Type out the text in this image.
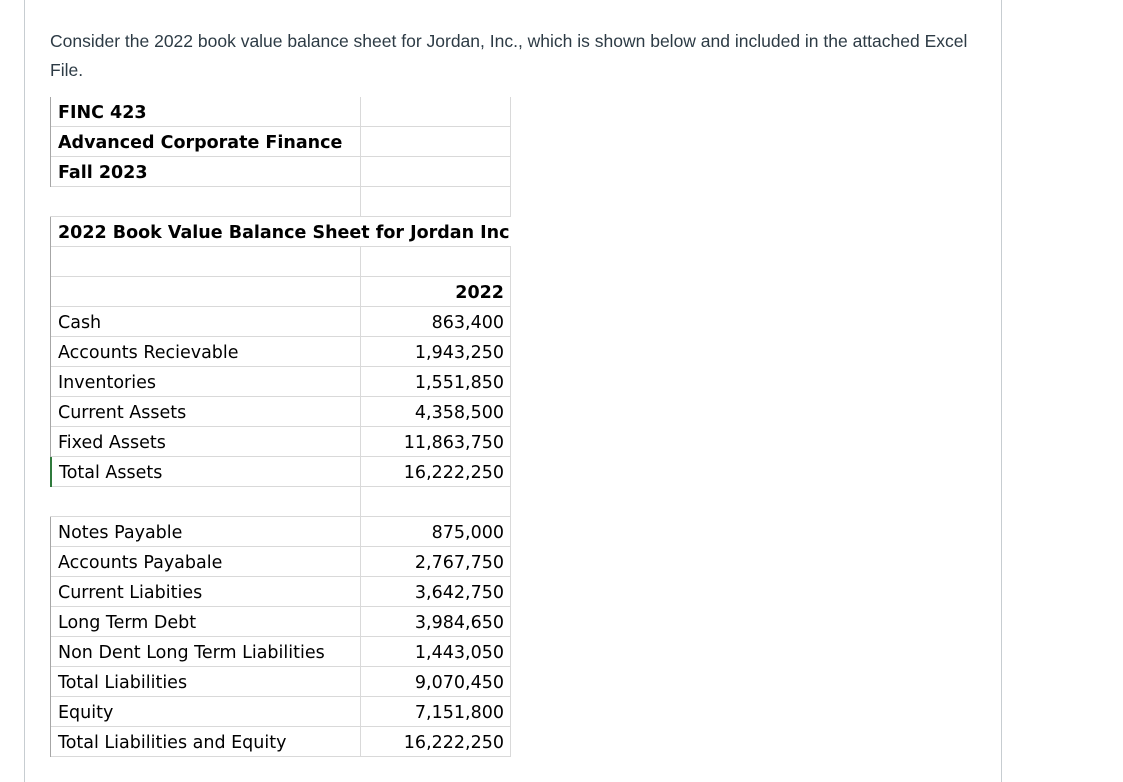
Consider the 2022 book value balance sheet for Jordan, Inc., which is shown below and included in the attached Excel File.

FINC 423
Advanced Corporate Finance
Fall 2023
2022 Book Value Balance Sheet for Jordan Inc
2022
Cash	863,400
Accounts Recievable	1,943,250
Inventories	1,551,850
Current Assets	4,358,500
Fixed Assets	11,863,750
Total Assets	16,222,250
Notes Payable	875,000
Accounts Payabale	2,767,750
Current Liabities	3,642,750
Long Term Debt	3,984,650
Non Dent Long Term Liabilities	1,443,050
Total Liabilities	9,070,450
Equity	7,151,800
Total Liabilities and Equity	16,222,250
